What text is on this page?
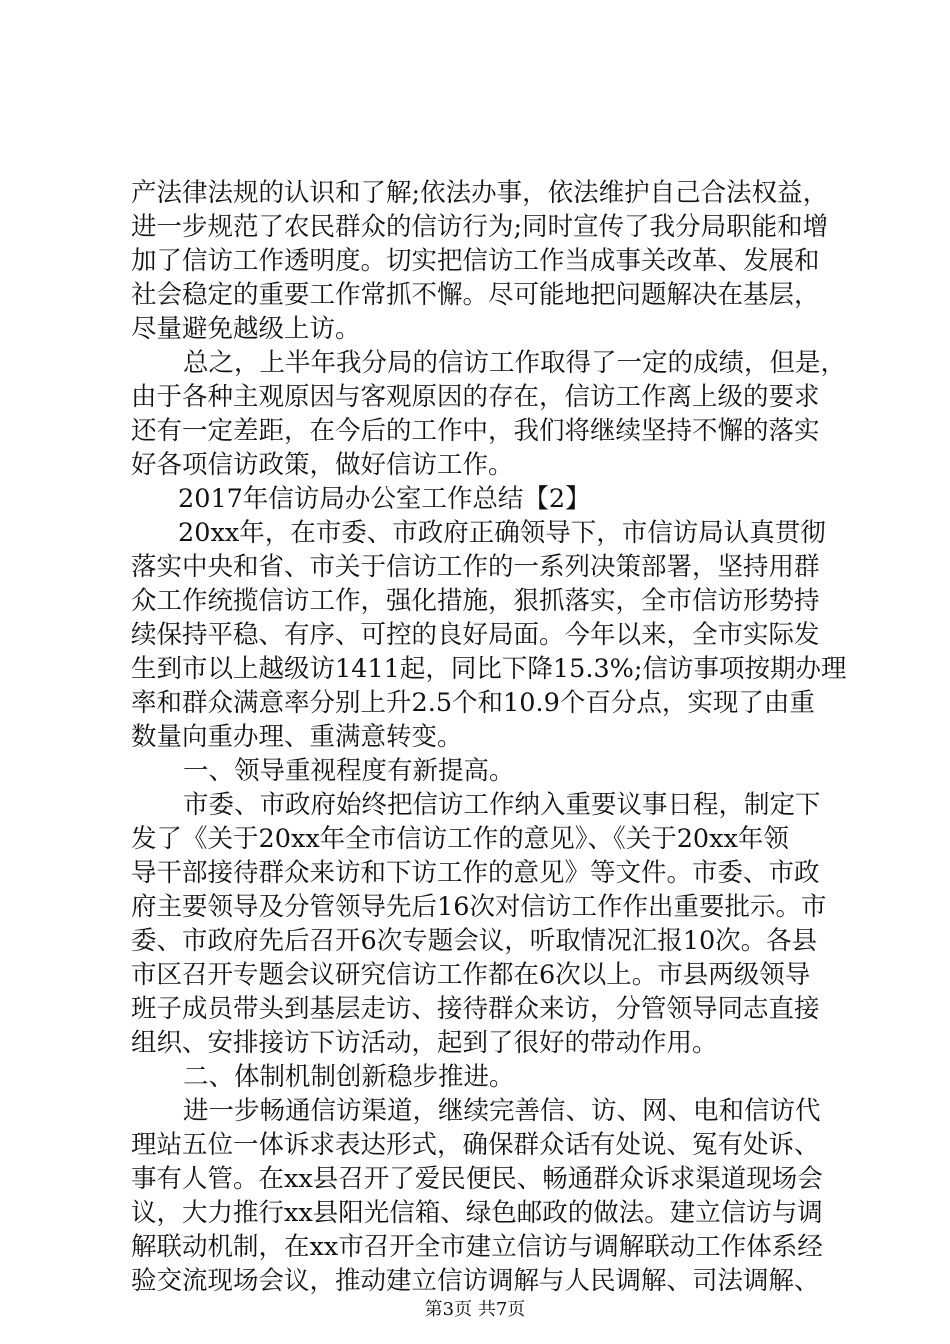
产法律法规的认识和了解;依法办事，依法维护自己合法权益，
进一步规范了农民群众的信访行为;同时宣传了我分局职能和增
加了信访工作透明度。切实把信访工作当成事关改革、发展和
社会稳定的重要工作常抓不懈。尽可能地把问题解决在基层，
尽量避免越级上访。
总之，上半年我分局的信访工作取得了一定的成绩，但是，
由于各种主观原因与客观原因的存在，信访工作离上级的要求
还有一定差距，在今后的工作中，我们将继续坚持不懈的落实
好各项信访政策，做好信访工作。
2017年信访局办公室工作总结【2】
20xx年，在市委、市政府正确领导下，市信访局认真贯彻
落实中央和省、市关于信访工作的一系列决策部署，坚持用群
众工作统揽信访工作，强化措施，狠抓落实，全市信访形势持
续保持平稳、有序、可控的良好局面。今年以来，全市实际发
生到市以上越级访1411起，同比下降15.3%;信访事项按期办理
率和群众满意率分别上升2.5个和10.9个百分点，实现了由重
数量向重办理、重满意转变。
一、领导重视程度有新提高。
市委、市政府始终把信访工作纳入重要议事日程，制定下
发了《关于20xx年全市信访工作的意见》、《关于20xx年领
导干部接待群众来访和下访工作的意见》等文件。市委、市政
府主要领导及分管领导先后16次对信访工作作出重要批示。市
委、市政府先后召开6次专题会议，听取情况汇报10次。各县
市区召开专题会议研究信访工作都在6次以上。市县两级领导
班子成员带头到基层走访、接待群众来访，分管领导同志直接
组织、安排接访下访活动，起到了很好的带动作用。
二、体制机制创新稳步推进。
进一步畅通信访渠道，继续完善信、访、网、电和信访代
理站五位一体诉求表达形式，确保群众话有处说、冤有处诉、
事有人管。在xx县召开了爱民便民、畅通群众诉求渠道现场会
议，大力推行xx县阳光信箱、绿色邮政的做法。建立信访与调
解联动机制，在xx市召开全市建立信访与调解联动工作体系经
验交流现场会议，推动建立信访调解与人民调解、司法调解、
第3页 共7页
